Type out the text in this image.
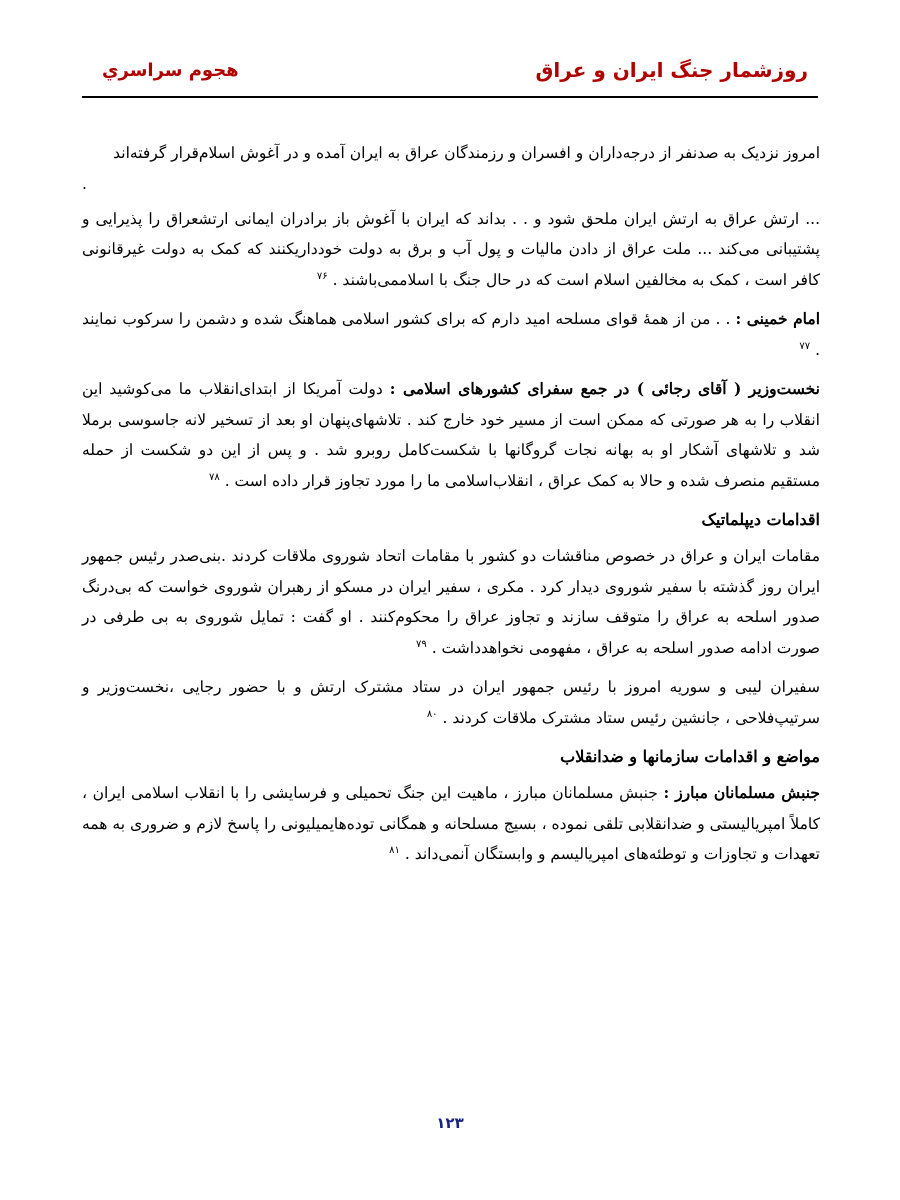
روزشمار جنگ ايران و عراق
هجوم سراسري

امروز نزديک به صدنفر از درجه‌داران و افسران و رزمندگان عراق به ايران آمده و در آغوش اسلام‌قرار گرفته‌اند

.

... ارتش عراق به ارتش ايران ملحق شود و . . بداند که ايران با آغوش باز برادران ايمانی ارتشعراق را پذيرايی و پشتيبانی می‌کند ... ملت عراق از دادن ماليات و پول آب و برق به دولت خودداريکنند که کمک به دولت غيرقانونی کافر است ، کمک به مخالفين اسلام است که در حال جنگ با اسلاممی‌باشند . $^{۷۶}$

امام خمينی : . . من از همهٔ قوای مسلحه اميد دارم که برای کشور اسلامی هماهنگ شده و دشمن را سرکوب نمايند . $^{۷۷}$

نخست‌وزير ( آقای رجائی ) در جمع سفرای کشورهای اسلامی : دولت آمريکا از ابتدای‌انقلاب ما می‌کوشيد اين انقلاب را به هر صورتی که ممکن است از مسير خود خارج کند . تلاشهای‌پنهان او بعد از تسخير لانه جاسوسی برملا شد و تلاشهای آشکار او به بهانه نجات گروگانها با شکست‌کامل روبرو شد . و پس از اين دو شکست از حمله مستقيم منصرف شده و حالا به کمک عراق ، انقلاب‌اسلامی ما را مورد تجاوز قرار داده است . $^{۷۸}$

اقدامات ديپلماتيک

مقامات ايران و عراق در خصوص مناقشات دو کشور با مقامات اتحاد شوروی ملاقات کردند .بنی‌صدر رئيس جمهور ايران روز گذشته با سفير شوروی ديدار کرد . مکری ، سفير ايران در مسکو از رهبران شوروی خواست که بی‌درنگ صدور اسلحه به عراق را متوقف سازند و تجاوز عراق را محکوم‌کنند . او گفت : تمايل شوروی به بی طرفی در صورت ادامه صدور اسلحه به عراق ، مفهومی نخواهدداشت . $^{۷۹}$

سفيران ليبی و سوريه امروز با رئيس جمهور ايران در ستاد مشترک ارتش و با حضور رجايی ،نخست‌وزير و سرتيپ‌فلاحی ، جانشين رئيس ستاد مشترک ملاقات کردند . $^{۸۰}$

مواضع و اقدامات سازمانها و ضدانقلاب

جنبش مسلمانان مبارز : جنبش مسلمانان مبارز ، ماهيت اين جنگ تحميلی و فرسايشی را با انقلاب اسلامی ايران ، کاملاً امپرياليستی و ضدانقلابی تلقی نموده ، بسيج مسلحانه و همگانی توده‌هايميليونی را پاسخ لازم و ضروری به همه تعهدات و تجاوزات و توطئه‌های امپرياليسم و وابستگان آنمی‌داند . $^{۸۱}$

۱۲۳
